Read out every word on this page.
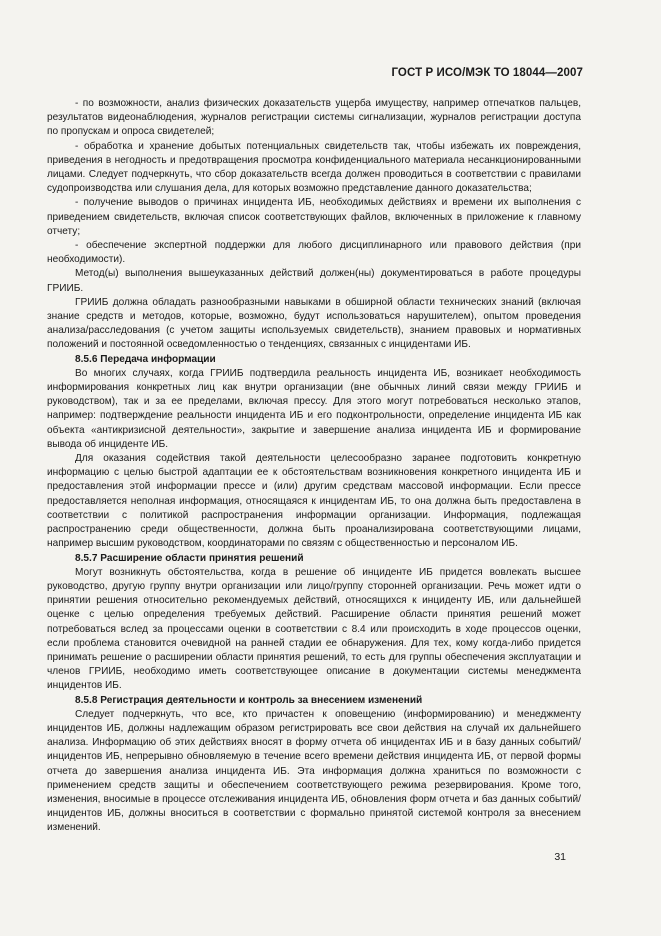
ГОСТ Р ИСО/МЭК ТО 18044—2007

- по возможности, анализ физических доказательств ущерба имуществу, например отпечатков пальцев, результатов видеонаблюдения, журналов регистрации системы сигнализации, журналов регистрации доступа по пропускам и опроса свидетелей;

- обработка и хранение добытых потенциальных свидетельств так, чтобы избежать их повреждения, приведения в негодность и предотвращения просмотра конфиденциального материала несанкционированными лицами. Следует подчеркнуть, что сбор доказательств всегда должен проводиться в соответствии с правилами судопроизводства или слушания дела, для которых возможно представление данного доказательства;

- получение выводов о причинах инцидента ИБ, необходимых действиях и времени их выполнения с приведением свидетельств, включая список соответствующих файлов, включенных в приложение к главному отчету;

- обеспечение экспертной поддержки для любого дисциплинарного или правового действия (при необходимости).

Метод(ы) выполнения вышеуказанных действий должен(ны) документироваться в работе процедуры ГРИИБ.

ГРИИБ должна обладать разнообразными навыками в обширной области технических знаний (включая знание средств и методов, которые, возможно, будут использоваться нарушителем), опытом проведения анализа/расследования (с учетом защиты используемых свидетельств), знанием правовых и нормативных положений и постоянной осведомленностью о тенденциях, связанных с инцидентами ИБ.

8.5.6 Передача информации

Во многих случаях, когда ГРИИБ подтвердила реальность инцидента ИБ, возникает необходимость информирования конкретных лиц как внутри организации (вне обычных линий связи между ГРИИБ и руководством), так и за ее пределами, включая прессу. Для этого могут потребоваться несколько этапов, например: подтверждение реальности инцидента ИБ и его подконтрольности, определение инцидента ИБ как объекта «антикризисной деятельности», закрытие и завершение анализа инцидента ИБ и формирование вывода об инциденте ИБ.

Для оказания содействия такой деятельности целесообразно заранее подготовить конкретную информацию с целью быстрой адаптации ее к обстоятельствам возникновения конкретного инцидента ИБ и предоставления этой информации прессе и (или) другим средствам массовой информации. Если прессе предоставляется неполная информация, относящаяся к инцидентам ИБ, то она должна быть предоставлена в соответствии с политикой распространения информации организации. Информация, подлежащая распространению среди общественности, должна быть проанализирована соответствующими лицами, например высшим руководством, координаторами по связям с общественностью и персоналом ИБ.

8.5.7 Расширение области принятия решений

Могут возникнуть обстоятельства, когда в решение об инциденте ИБ придется вовлекать высшее руководство, другую группу внутри организации или лицо/группу сторонней организации. Речь может идти о принятии решения относительно рекомендуемых действий, относящихся к инциденту ИБ, или дальнейшей оценке с целью определения требуемых действий. Расширение области принятия решений может потребоваться вслед за процессами оценки в соответствии с 8.4 или происходить в ходе процессов оценки, если проблема становится очевидной на ранней стадии ее обнаружения. Для тех, кому когда-либо придется принимать решение о расширении области принятия решений, то есть для группы обеспечения эксплуатации и членов ГРИИБ, необходимо иметь соответствующее описание в документации системы менеджмента инцидентов ИБ.

8.5.8 Регистрация деятельности и контроль за внесением изменений

Следует подчеркнуть, что все, кто причастен к оповещению (информированию) и менеджменту инцидентов ИБ, должны надлежащим образом регистрировать все свои действия на случай их дальнейшего анализа. Информацию об этих действиях вносят в форму отчета об инцидентах ИБ и в базу данных событий/инцидентов ИБ, непрерывно обновляемую в течение всего времени действия инцидента ИБ, от первой формы отчета до завершения анализа инцидента ИБ. Эта информация должна храниться по возможности с применением средств защиты и обеспечением соответствующего режима резервирования. Кроме того, изменения, вносимые в процессе отслеживания инцидента ИБ, обновления форм отчета и баз данных событий/инцидентов ИБ, должны вноситься в соответствии с формально принятой системой контроля за внесением изменений.

31
